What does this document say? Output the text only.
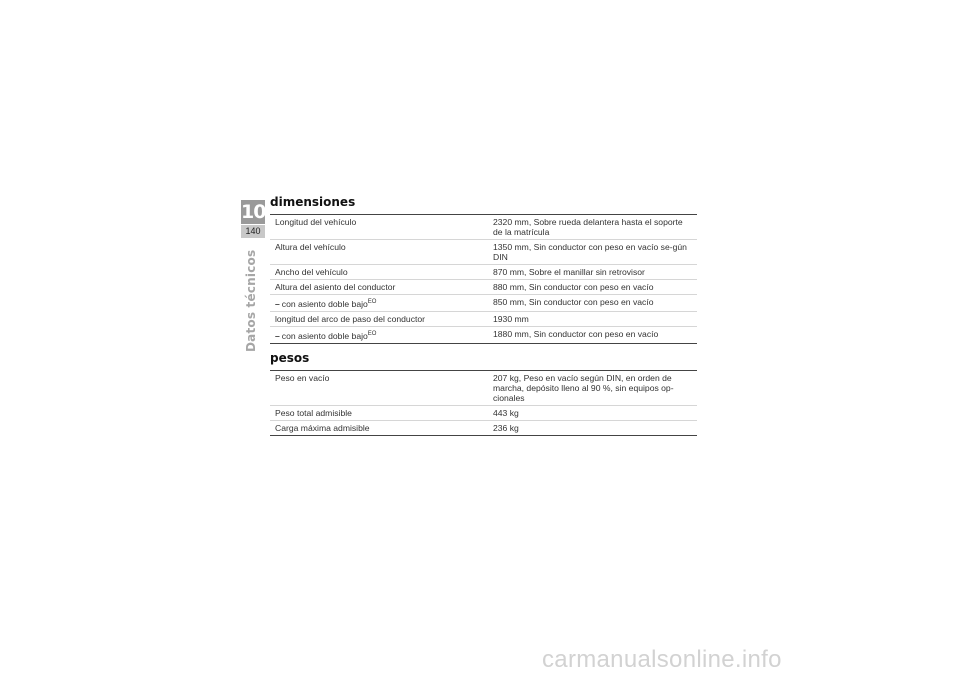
10
140
Datos técnicos
dimensiones
Longitud del vehículo	2320 mm, Sobre rueda delantera hasta el soporte de la matrícula
Altura del vehículo	1350 mm, Sin conductor con peso en vacío se-gún DIN
Ancho del vehículo	870 mm, Sobre el manillar sin retrovisor
Altura del asiento del conductor	880 mm, Sin conductor con peso en vacío
– con asiento doble bajo$^{EO}$	850 mm, Sin conductor con peso en vacío
longitud del arco de paso del conductor	1930 mm
– con asiento doble bajo$^{EO}$	1880 mm, Sin conductor con peso en vacío
pesos
Peso en vacío	207 kg, Peso en vacío según DIN, en orden de marcha, depósito lleno al 90 %, sin equipos op-cionales
Peso total admisible	443 kg
Carga máxima admisible	236 kg
carmanualsonline.info
